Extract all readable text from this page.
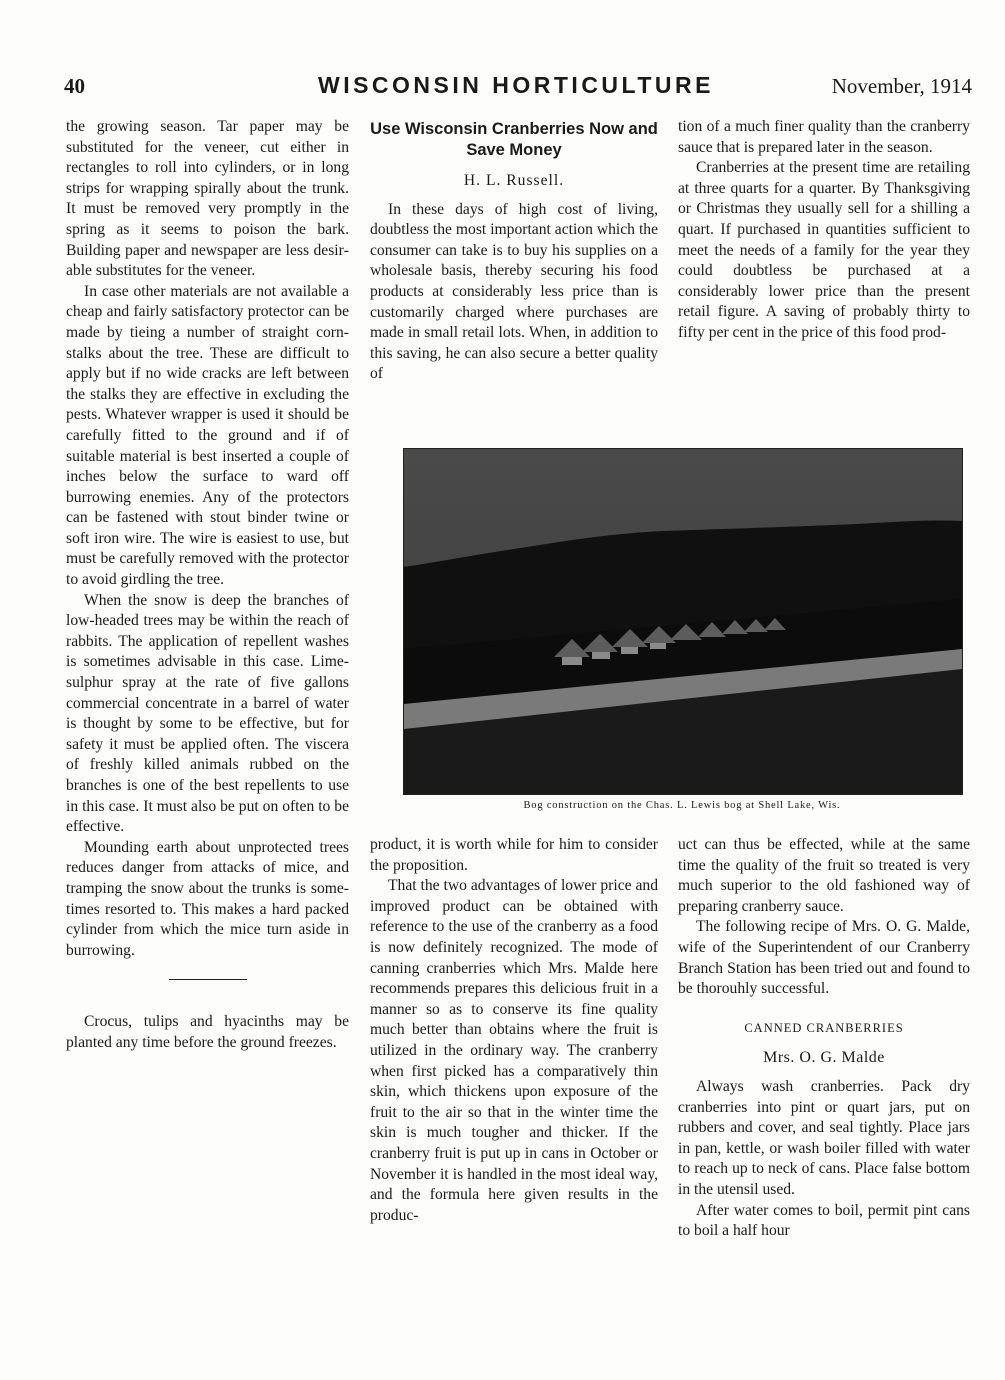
40	WISCONSIN HORTICULTURE	November, 1914

the growing season. Tar paper may be substituted for the veneer, cut either in rectangles to roll into cylinders, or in long strips for wrapping spirally about the trunk. It must be removed very promptly in the spring as it seems to poison the bark. Building paper and newspaper are less desirable substitutes for the veneer.

In case other materials are not available a cheap and fairly satisfactory protector can be made by tieing a number of straight cornstalks about the tree. These are difficult to apply but if no wide cracks are left between the stalks they are effective in excluding the pests. Whatever wrapper is used it should be carefully fitted to the ground and if of suitable material is best inserted a couple of inches below the surface to ward off burrowing enemies. Any of the protectors can be fastened with stout binder twine or soft iron wire. The wire is easiest to use, but must be carefully removed with the protector to avoid girdling the tree.

When the snow is deep the branches of low-headed trees may be within the reach of rabbits. The application of repellent washes is sometimes advisable in this case. Lime-sulphur spray at the rate of five gallons commercial concentrate in a barrel of water is thought by some to be effective, but for safety it must be applied often. The viscera of freshly killed animals rubbed on the branches is one of the best repellents to use in this case. It must also be put on often to be effective.

Mounding earth about unprotected trees reduces danger from attacks of mice, and tramping the snow about the trunks is sometimes resorted to. This makes a hard packed cylinder from which the mice turn aside in burrowing.

Crocus, tulips and hyacinths may be planted any time before the ground freezes.

Use Wisconsin Cranberries Now and Save Money
H. L. Russell.

In these days of high cost of living, doubtless the most important action which the consumer can take is to buy his supplies on a wholesale basis, thereby securing his food products at considerably less price than is customarily charged where purchases are made in small retail lots. When, in addition to this saving, he can also secure a better quality of

tion of a much finer quality than the cranberry sauce that is prepared later in the season.

Cranberries at the present time are retailing at three quarts for a quarter. By Thanksgiving or Christmas they usually sell for a shilling a quart. If purchased in quantities sufficient to meet the needs of a family for the year they could doubtless be purchased at a considerably lower price than the present retail figure. A saving of probably thirty to fifty per cent in the price of this food prod-

Bog construction on the Chas. L. Lewis bog at Shell Lake, Wis.

product, it is worth while for him to consider the proposition.

That the two advantages of lower price and improved product can be obtained with reference to the use of the cranberry as a food is now definitely recognized. The mode of canning cranberries which Mrs. Malde here recommends prepares this delicious fruit in a manner so as to conserve its fine quality much better than obtains where the fruit is utilized in the ordinary way. The cranberry when first picked has a comparatively thin skin, which thickens upon exposure of the fruit to the air so that in the winter time the skin is much tougher and thicker. If the cranberry fruit is put up in cans in October or November it is handled in the most ideal way, and the formula here given results in the produc-

uct can thus be effected, while at the same time the quality of the fruit so treated is very much superior to the old fashioned way of preparing cranberry sauce.

The following recipe of Mrs. O. G. Malde, wife of the Superintendent of our Cranberry Branch Station has been tried out and found to be thorouhly successful.

CANNED CRANBERRIES
Mrs. O. G. Malde

Always wash cranberries. Pack dry cranberries into pint or quart jars, put on rubbers and cover, and seal tightly. Place jars in pan, kettle, or wash boiler filled with water to reach up to neck of cans. Place false bottom in the utensil used.

After water comes to boil, permit pint cans to boil a half hour
